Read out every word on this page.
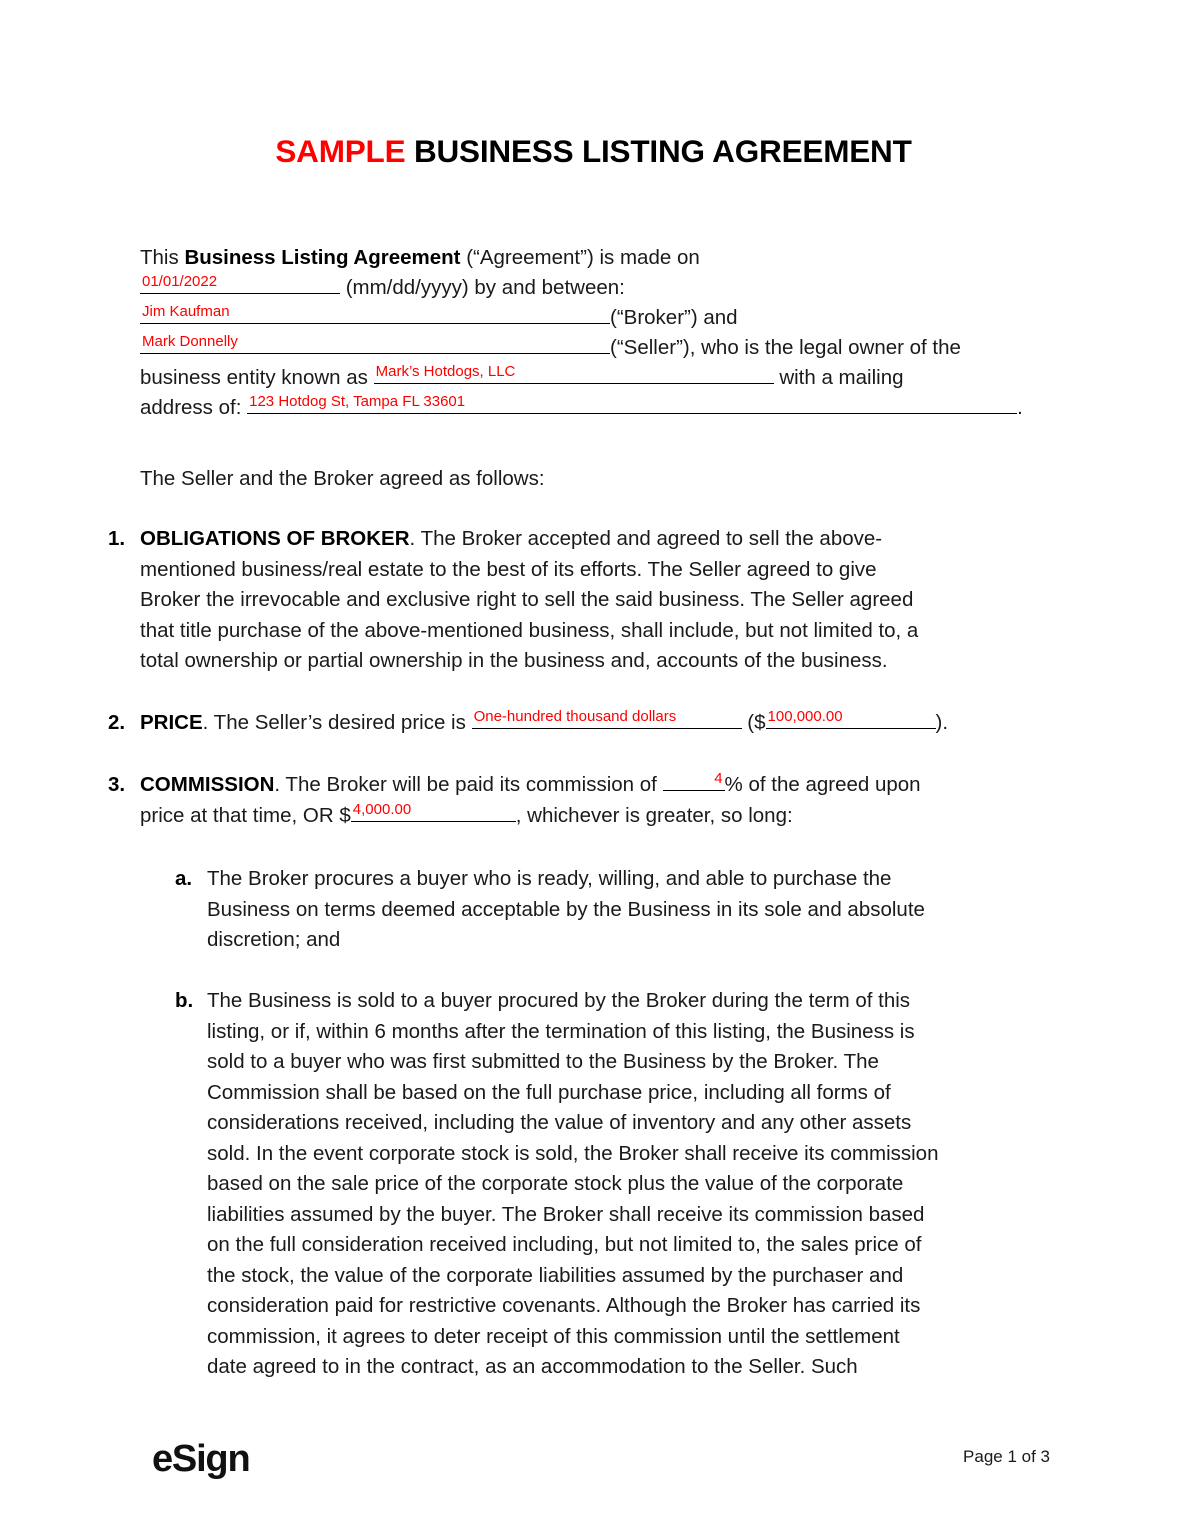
SAMPLE BUSINESS LISTING AGREEMENT
This Business Listing Agreement (“Agreement”) is made on
01/01/2022	(mm/dd/yyyy) by and between:
Jim Kaufman	(“Broker”) and
Mark Donnelly	(“Seller”), who is the legal owner of the
business entity known as Mark’s Hotdogs, LLC	with a mailing
address of: 123 Hotdog St, Tampa FL 33601	.
The Seller and the Broker agreed as follows:
1. OBLIGATIONS OF BROKER. The Broker accepted and agreed to sell the above-
mentioned business/real estate to the best of its efforts. The Seller agreed to give
Broker the irrevocable and exclusive right to sell the said business. The Seller agreed
that title purchase of the above-mentioned business, shall include, but not limited to, a
total ownership or partial ownership in the business and, accounts of the business.
2. PRICE. The Seller’s desired price is One-hundred thousand dollars	($ 100,000.00	).
3. COMMISSION. The Broker will be paid its commission of	4% of the agreed upon
price at that time, OR $ 4,000.00	, whichever is greater, so long:
a. The Broker procures a buyer who is ready, willing, and able to purchase the
Business on terms deemed acceptable by the Business in its sole and absolute
discretion; and
b. The Business is sold to a buyer procured by the Broker during the term of this
listing, or if, within 6 months after the termination of this listing, the Business is
sold to a buyer who was first submitted to the Business by the Broker. The
Commission shall be based on the full purchase price, including all forms of
considerations received, including the value of inventory and any other assets
sold. In the event corporate stock is sold, the Broker shall receive its commission
based on the sale price of the corporate stock plus the value of the corporate
liabilities assumed by the buyer. The Broker shall receive its commission based
on the full consideration received including, but not limited to, the sales price of
the stock, the value of the corporate liabilities assumed by the purchaser and
consideration paid for restrictive covenants. Although the Broker has carried its
commission, it agrees to deter receipt of this commission until the settlement
date agreed to in the contract, as an accommodation to the Seller. Such
eSign	Page 1 of 3
